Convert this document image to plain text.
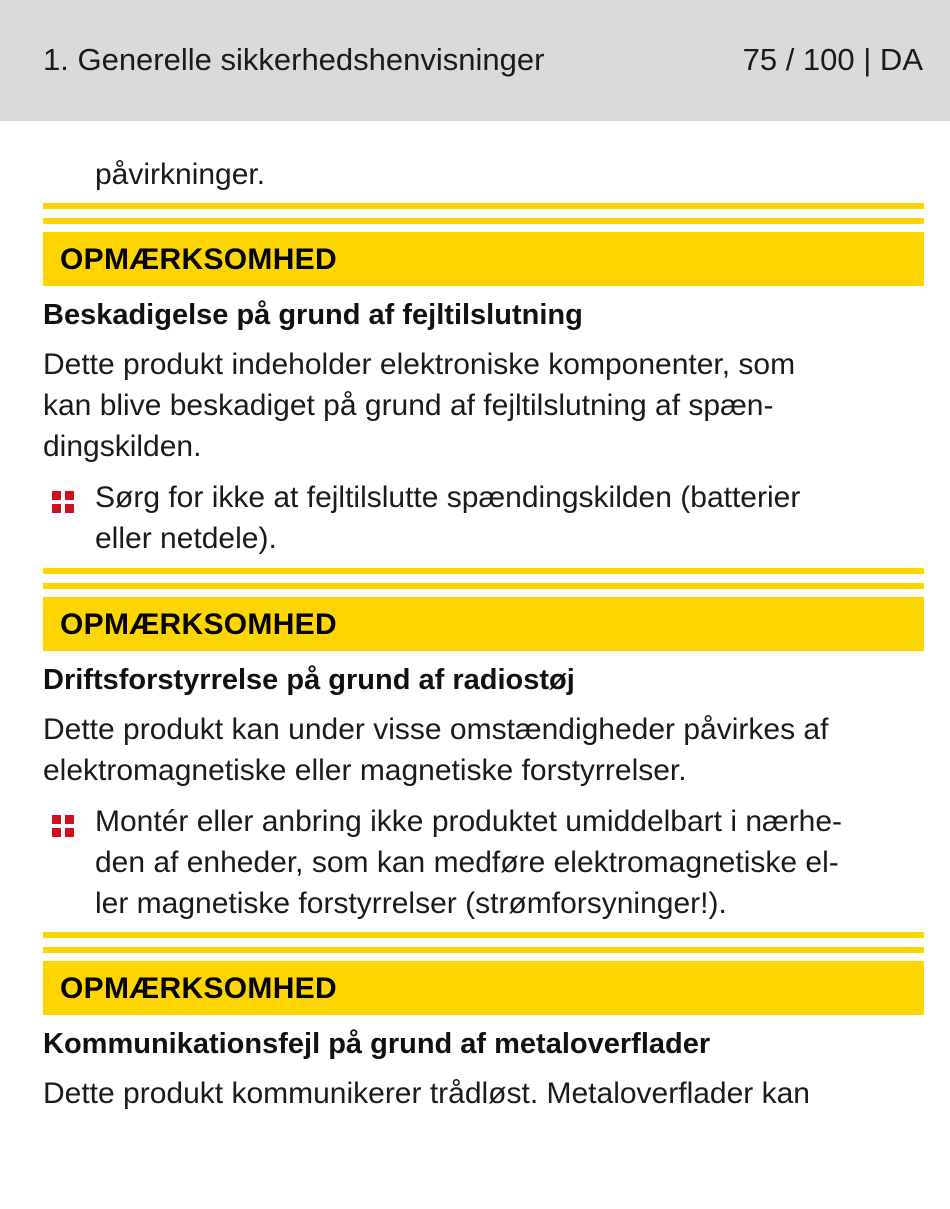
1. Generelle sikkerhedshenvisninger	75 / 100 | DA
påvirkninger.
OPMÆRKSOMHED
Beskadigelse på grund af fejltilslutning
Dette produkt indeholder elektroniske komponenter, som
kan blive beskadiget på grund af fejltilslutning af spæn-
dingskilden.
Sørg for ikke at fejltilslutte spændingskilden (batterier
eller netdele).
OPMÆRKSOMHED
Driftsforstyrrelse på grund af radiostøj
Dette produkt kan under visse omstændigheder påvirkes af
elektromagnetiske eller magnetiske forstyrrelser.
Montér eller anbring ikke produktet umiddelbart i nærhe-
den af enheder, som kan medføre elektromagnetiske el-
ler magnetiske forstyrrelser (strømforsyninger!).
OPMÆRKSOMHED
Kommunikationsfejl på grund af metaloverflader
Dette produkt kommunikerer trådløst. Metaloverflader kan
